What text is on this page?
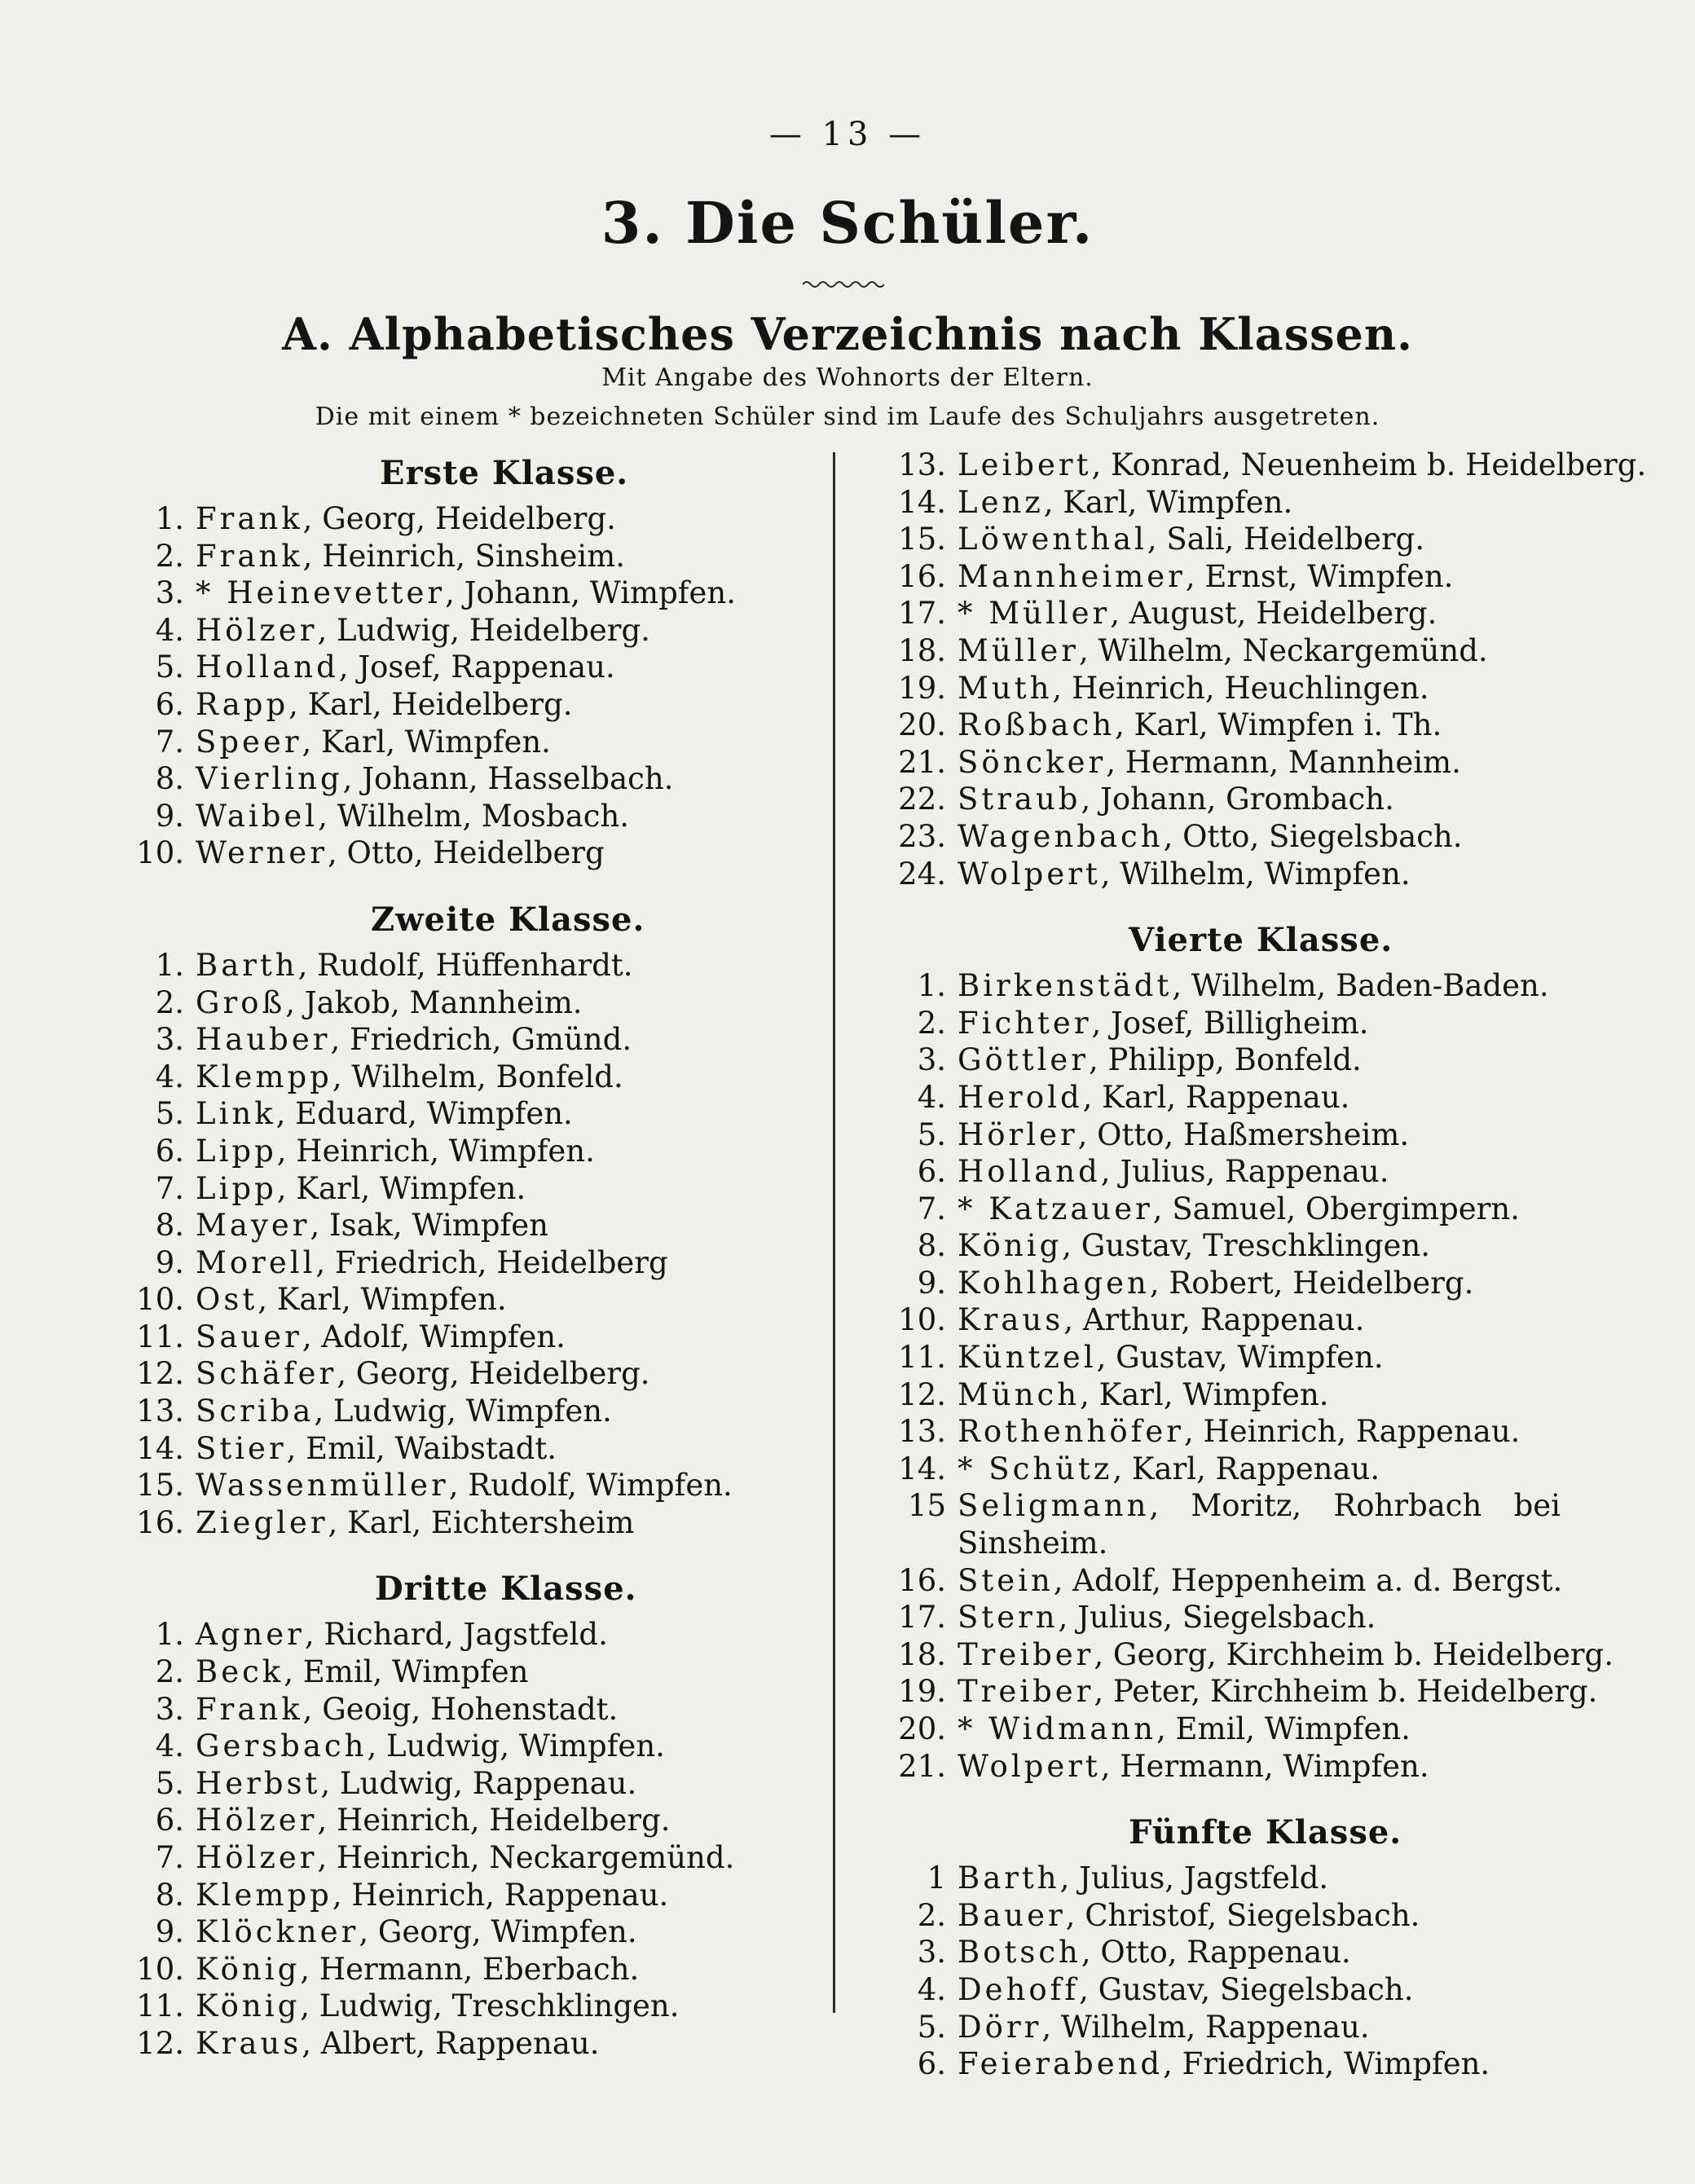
— 13 —
3. Die Schüler.
A. Alphabetisches Verzeichnis nach Klassen.
Mit Angabe des Wohnorts der Eltern.
Die mit einem * bezeichneten Schüler sind im Laufe des Schuljahrs ausgetreten.
Erste Klasse.
1. Frank, Georg, Heidelberg.
2. Frank, Heinrich, Sinsheim.
3. * Heinevetter, Johann, Wimpfen.
4. Hölzer, Ludwig, Heidelberg.
5. Holland, Josef, Rappenau.
6. Rapp, Karl, Heidelberg.
7. Speer, Karl, Wimpfen.
8. Vierling, Johann, Hasselbach.
9. Waibel, Wilhelm, Mosbach.
10. Werner, Otto, Heidelberg
Zweite Klasse.
1. Barth, Rudolf, Hüffenhardt.
2. Groß, Jakob, Mannheim.
3. Hauber, Friedrich, Gmünd.
4. Klempp, Wilhelm, Bonfeld.
5. Link, Eduard, Wimpfen.
6. Lipp, Heinrich, Wimpfen.
7. Lipp, Karl, Wimpfen.
8. Mayer, Isak, Wimpfen
9. Morell, Friedrich, Heidelberg
10. Ost, Karl, Wimpfen.
11. Sauer, Adolf, Wimpfen.
12. Schäfer, Georg, Heidelberg.
13. Scriba, Ludwig, Wimpfen.
14. Stier, Emil, Waibstadt.
15. Wassenmüller, Rudolf, Wimpfen.
16. Ziegler, Karl, Eichtersheim
Dritte Klasse.
1. Agner, Richard, Jagstfeld.
2. Beck, Emil, Wimpfen
3. Frank, Geoig, Hohenstadt.
4. Gersbach, Ludwig, Wimpfen.
5. Herbst, Ludwig, Rappenau.
6. Hölzer, Heinrich, Heidelberg.
7. Hölzer, Heinrich, Neckargemünd.
8. Klempp, Heinrich, Rappenau.
9. Klöckner, Georg, Wimpfen.
10. König, Hermann, Eberbach.
11. König, Ludwig, Treschklingen.
12. Kraus, Albert, Rappenau.
13. Leibert, Konrad, Neuenheim b. Heidelberg.
14. Lenz, Karl, Wimpfen.
15. Löwenthal, Sali, Heidelberg.
16. Mannheimer, Ernst, Wimpfen.
17. * Müller, August, Heidelberg.
18. Müller, Wilhelm, Neckargemünd.
19. Muth, Heinrich, Heuchlingen.
20. Roßbach, Karl, Wimpfen i. Th.
21. Söncker, Hermann, Mannheim.
22. Straub, Johann, Grombach.
23. Wagenbach, Otto, Siegelsbach.
24. Wolpert, Wilhelm, Wimpfen.
Vierte Klasse.
1. Birkenstädt, Wilhelm, Baden-Baden.
2. Fichter, Josef, Billigheim.
3. Göttler, Philipp, Bonfeld.
4. Herold, Karl, Rappenau.
5. Hörler, Otto, Haßmersheim.
6. Holland, Julius, Rappenau.
7. * Katzauer, Samuel, Obergimpern.
8. König, Gustav, Treschklingen.
9. Kohlhagen, Robert, Heidelberg.
10. Kraus, Arthur, Rappenau.
11. Küntzel, Gustav, Wimpfen.
12. Münch, Karl, Wimpfen.
13. Rothenhöfer, Heinrich, Rappenau.
14. * Schütz, Karl, Rappenau.
15 Seligmann, Moritz, Rohrbach bei Sinsheim.
16. Stein, Adolf, Heppenheim a. d. Bergst.
17. Stern, Julius, Siegelsbach.
18. Treiber, Georg, Kirchheim b. Heidelberg.
19. Treiber, Peter, Kirchheim b. Heidelberg.
20. * Widmann, Emil, Wimpfen.
21. Wolpert, Hermann, Wimpfen.
Fünfte Klasse.
1 Barth, Julius, Jagstfeld.
2. Bauer, Christof, Siegelsbach.
3. Botsch, Otto, Rappenau.
4. Dehoff, Gustav, Siegelsbach.
5. Dörr, Wilhelm, Rappenau.
6. Feierabend, Friedrich, Wimpfen.
